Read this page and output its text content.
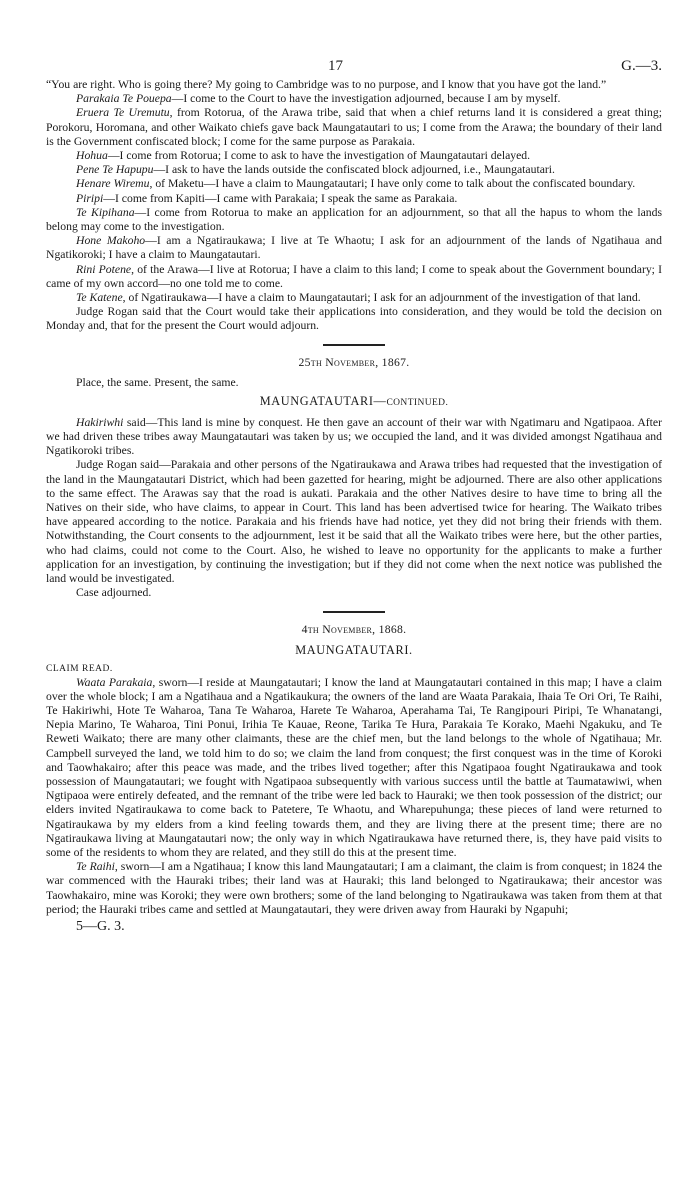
17	G.—3.

“You are right. Who is going there? My going to Cambridge was to no purpose, and I know that you have got the land.”

Parakaia Te Pouepa—I come to the Court to have the investigation adjourned, because I am by myself.

Eruera Te Uremutu, from Rotorua, of the Arawa tribe, said that when a chief returns land it is considered a great thing; Porokoru, Horomana, and other Waikato chiefs gave back Maungatautari to us; I come from the Arawa; the boundary of their land is the Government confiscated block; I come for the same purpose as Parakaia.

Hohua—I come from Rotorua; I come to ask to have the investigation of Maungatautari delayed.

Pene Te Hapupu—I ask to have the lands outside the confiscated block adjourned, i.e., Maungatautari.

Henare Wiremu, of Maketu—I have a claim to Maungatautari; I have only come to talk about the confiscated boundary.

Piripi—I come from Kapiti—I came with Parakaia; I speak the same as Parakaia.

Te Kipihana—I come from Rotorua to make an application for an adjournment, so that all the hapus to whom the lands belong may come to the investigation.

Hone Makoho—I am a Ngatiraukawa; I live at Te Whaotu; I ask for an adjournment of the lands of Ngatihaua and Ngatikoroki; I have a claim to Maungatautari.

Rini Potene, of the Arawa—I live at Rotorua; I have a claim to this land; I come to speak about the Government boundary; I came of my own accord—no one told me to come.

Te Katene, of Ngatiraukawa—I have a claim to Maungatautari; I ask for an adjournment of the investigation of that land.

Judge Rogan said that the Court would take their applications into consideration, and they would be told the decision on Monday and, that for the present the Court would adjourn.

25th November, 1867.

Place, the same. Present, the same.

MAUNGATAUTARI—CONTINUED.

Hakiriwhi said—This land is mine by conquest. He then gave an account of their war with Ngatimaru and Ngatipaoa. After we had driven these tribes away Maungatautari was taken by us; we occupied the land, and it was divided amongst Ngatihaua and Ngatikoroki tribes.

Judge Rogan said—Parakaia and other persons of the Ngatiraukawa and Arawa tribes had requested that the investigation of the land in the Maungatautari District, which had been gazetted for hearing, might be adjourned. There are also other applications to the same effect. The Arawas say that the road is aukati. Parakaia and the other Natives desire to have time to bring all the Natives on their side, who have claims, to appear in Court. This land has been advertised twice for hearing. The Waikato tribes have appeared according to the notice. Parakaia and his friends have had notice, yet they did not bring their friends with them. Notwithstanding, the Court consents to the adjournment, lest it be said that all the Waikato tribes were here, but the other parties, who had claims, could not come to the Court. Also, he wished to leave no opportunity for the applicants to make a further application for an investigation, by continuing the investigation; but if they did not come when the next notice was published the land would be investigated.

Case adjourned.

4th November, 1868.
MAUNGATAUTARI.
CLAIM READ.

Waata Parakaia, sworn—I reside at Maungatautari; I know the land at Maungatautari contained in this map; I have a claim over the whole block; I am a Ngatihaua and a Ngatikaukura; the owners of the land are Waata Parakaia, Ihaia Te Ori Ori, Te Raihi, Te Hakiriwhi, Hote Te Waharoa, Tana Te Waharoa, Harete Te Waharoa, Aperahama Tai, Te Rangipouri Piripi, Te Whanatangi, Nepia Marino, Te Waharoa, Tini Ponui, Irihia Te Kauae, Reone, Tarika Te Hura, Parakaia Te Korako, Maehi Ngakuku, and Te Reweti Waikato; there are many other claimants, these are the chief men, but the land belongs to the whole of Ngatihaua; Mr. Campbell surveyed the land, we told him to do so; we claim the land from conquest; the first conquest was in the time of Koroki and Taowhakairo; after this peace was made, and the tribes lived together; after this Ngatipaoa fought Ngatiraukawa and took possession of Maungatautari; we fought with Ngatipaoa subsequently with various success until the battle at Taumatawiwi, when Ngtipaoa were entirely defeated, and the remnant of the tribe were led back to Hauraki; we then took possession of the district; our elders invited Ngatiraukawa to come back to Patetere, Te Whaotu, and Wharepuhunga; these pieces of land were returned to Ngatiraukawa by my elders from a kind feeling towards them, and they are living there at the present time; there are no Ngatiraukawa living at Maungatautari now; the only way in which Ngatiraukawa have returned there, is, they have paid visits to some of the residents to whom they are related, and they still do this at the present time.

Te Raihi, sworn—I am a Ngatihaua; I know this land Maungatautari; I am a claimant, the claim is from conquest; in 1824 the war commenced with the Hauraki tribes; their land was at Hauraki; this land belonged to Ngatiraukawa; their ancestor was Taowhakairo, mine was Koroki; they were own brothers; some of the land belonging to Ngatiraukawa was taken from them at that period; the Hauraki tribes came and settled at Maungatautari, they were driven away from Hauraki by Ngapuhi;

5—G. 3.
